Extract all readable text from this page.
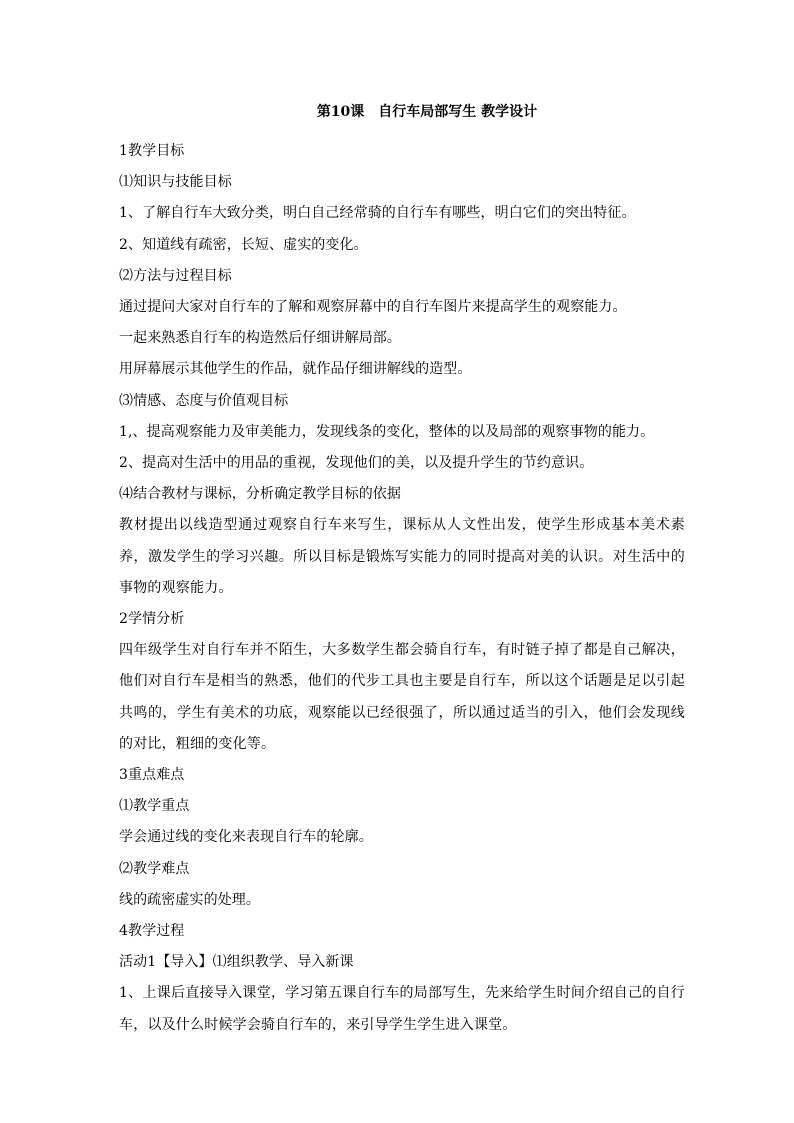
第10课　自行车局部写生 教学设计

1教学目标

⑴知识与技能目标

1、了解自行车大致分类，明白自己经常骑的自行车有哪些，明白它们的突出特征。

2、知道线有疏密，长短、虚实的变化。

⑵方法与过程目标

通过提问大家对自行车的了解和观察屏幕中的自行车图片来提高学生的观察能力。

一起来熟悉自行车的构造然后仔细讲解局部。

用屏幕展示其他学生的作品，就作品仔细讲解线的造型。

⑶情感、态度与价值观目标

1,、提高观察能力及审美能力，发现线条的变化，整体的以及局部的观察事物的能力。

2、提高对生活中的用品的重视，发现他们的美，以及提升学生的节约意识。

⑷结合教材与课标，分析确定教学目标的依据

教材提出以线造型通过观察自行车来写生，课标从人文性出发，使学生形成基本美术素养，激发学生的学习兴趣。所以目标是锻炼写实能力的同时提高对美的认识。对生活中的事物的观察能力。

2学情分析

四年级学生对自行车并不陌生，大多数学生都会骑自行车，有时链子掉了都是自己解决，他们对自行车是相当的熟悉，他们的代步工具也主要是自行车，所以这个话题是足以引起共鸣的，学生有美术的功底，观察能以已经很强了，所以通过适当的引入，他们会发现线的对比，粗细的变化等。

3重点难点

⑴教学重点

学会通过线的变化来表现自行车的轮廓。

⑵教学难点

线的疏密虚实的处理。

4教学过程

活动1【导入】⑴组织教学、导入新课

1、上课后直接导入课堂，学习第五课自行车的局部写生，先来给学生时间介绍自己的自行车，以及什么时候学会骑自行车的，来引导学生学生进入课堂。
